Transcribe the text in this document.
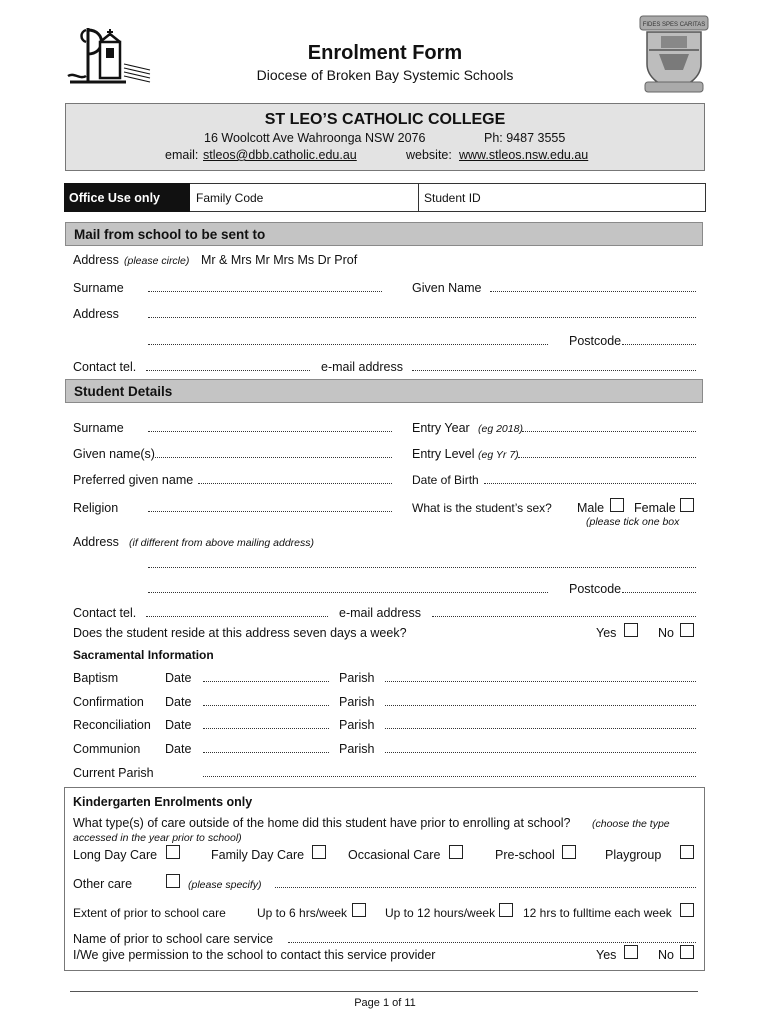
Enrolment Form
Diocese of Broken Bay Systemic Schools
FIDES SPES CARITAS
ST LEO’S CATHOLIC COLLEGE
16 Woolcott Ave Wahroonga NSW 2076	Ph: 9487 3555
email: stleos@dbb.catholic.edu.au	website: www.stleos.nsw.edu.au
Office Use only	Family Code	Student ID
Mail from school to be sent to
Address (please circle) Mr & Mrs Mr Mrs Ms Dr Prof
Surname	Given Name
Address
Postcode
Contact tel.	e-mail address
Student Details
Surname	Entry Year (eg 2018)
Given name(s)	Entry Level (eg Yr 7)
Preferred given name	Date of Birth
Religion	What is the student’s sex? Male Female
(please tick one box
Address (if different from above mailing address)
Postcode
Contact tel.	e-mail address
Does the student reside at this address seven days a week?	Yes	No
Sacramental Information
Baptism	Date	Parish
Confirmation Date	Parish
Reconciliation Date	Parish
Communion Date	Parish
Current Parish
Kindergarten Enrolments only
What type(s) of care outside of the home did this student have prior to enrolling at school? (choose the type
accessed in the year prior to school)
Long Day Care	Family Day Care	Occasional Care	Pre-school	Playgroup
Other care	(please specify)
Extent of prior to school care	Up to 6 hrs/week	Up to 12 hours/week 12 hrs to fulltime each week
Name of prior to school care service
I/We give permission to the school to contact this service provider	Yes	No
Page 1 of 11
